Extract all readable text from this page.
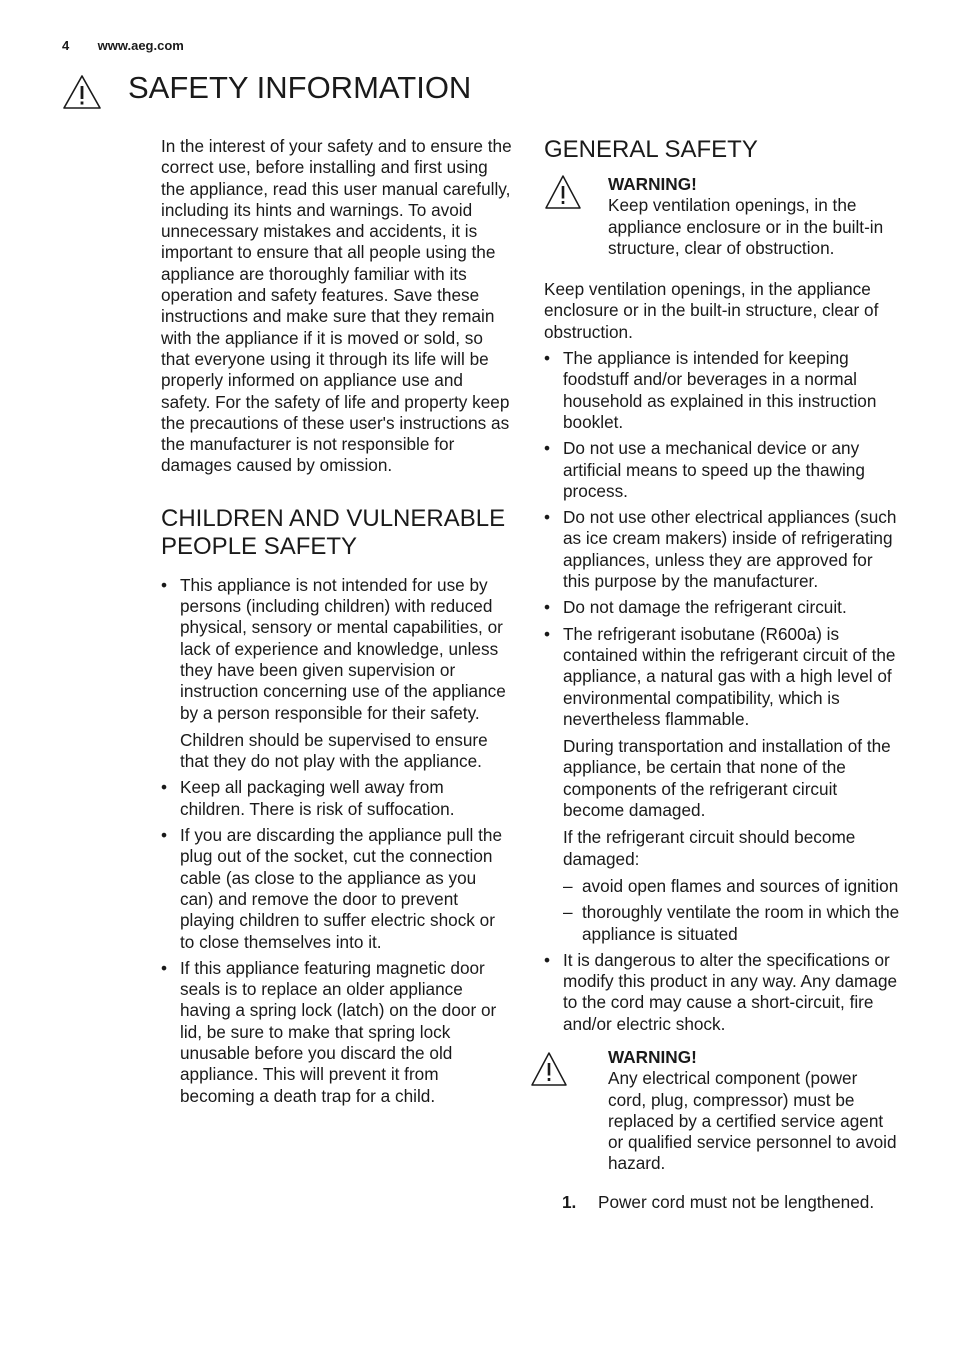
4 www.aeg.com
SAFETY INFORMATION

In the interest of your safety and to ensure the correct use, before installing and first using the appliance, read this user manual carefully, including its hints and warnings. To avoid unnecessary mistakes and accidents, it is important to ensure that all people using the appliance are thoroughly familiar with its operation and safety features. Save these instructions and make sure that they remain with the appliance if it is moved or sold, so that everyone using it through its life will be properly informed on appliance use and safety. For the safety of life and property keep the precautions of these user's instructions as the manufacturer is not responsible for damages caused by omission.

CHILDREN AND VULNERABLE PEOPLE SAFETY

• This appliance is not intended for use by persons (including children) with reduced physical, sensory or mental capabilities, or lack of experience and knowledge, unless they have been given supervision or instruction concerning use of the appliance by a person responsible for their safety.

Children should be supervised to ensure that they do not play with the appliance.

• Keep all packaging well away from children. There is risk of suffocation.

• If you are discarding the appliance pull the plug out of the socket, cut the connection cable (as close to the appliance as you can) and remove the door to prevent playing children to suffer electric shock or to close themselves into it.

• If this appliance featuring magnetic door seals is to replace an older appliance having a spring lock (latch) on the door or lid, be sure to make that spring lock unusable before you discard the old appliance. This will prevent it from becoming a death trap for a child.

GENERAL SAFETY
WARNING!

Keep ventilation openings, in the appliance enclosure or in the built-in structure, clear of obstruction.

Keep ventilation openings, in the appliance enclosure or in the built-in structure, clear of obstruction.

• The appliance is intended for keeping foodstuff and/or beverages in a normal household as explained in this instruction booklet.

• Do not use a mechanical device or any artificial means to speed up the thawing process.

• Do not use other electrical appliances (such as ice cream makers) inside of refrigerating appliances, unless they are approved for this purpose by the manufacturer.

• Do not damage the refrigerant circuit.

• The refrigerant isobutane (R600a) is contained within the refrigerant circuit of the appliance, a natural gas with a high level of environmental compatibility, which is nevertheless flammable.

During transportation and installation of the appliance, be certain that none of the components of the refrigerant circuit become damaged.

If the refrigerant circuit should become damaged:

– avoid open flames and sources of ignition
– thoroughly ventilate the room in which the appliance is situated

• It is dangerous to alter the specifications or modify this product in any way. Any damage to the cord may cause a short-circuit, fire and/or electric shock.

WARNING!

Any electrical component (power cord, plug, compressor) must be replaced by a certified service agent or qualified service personnel to avoid hazard.

1. Power cord must not be lengthened.
